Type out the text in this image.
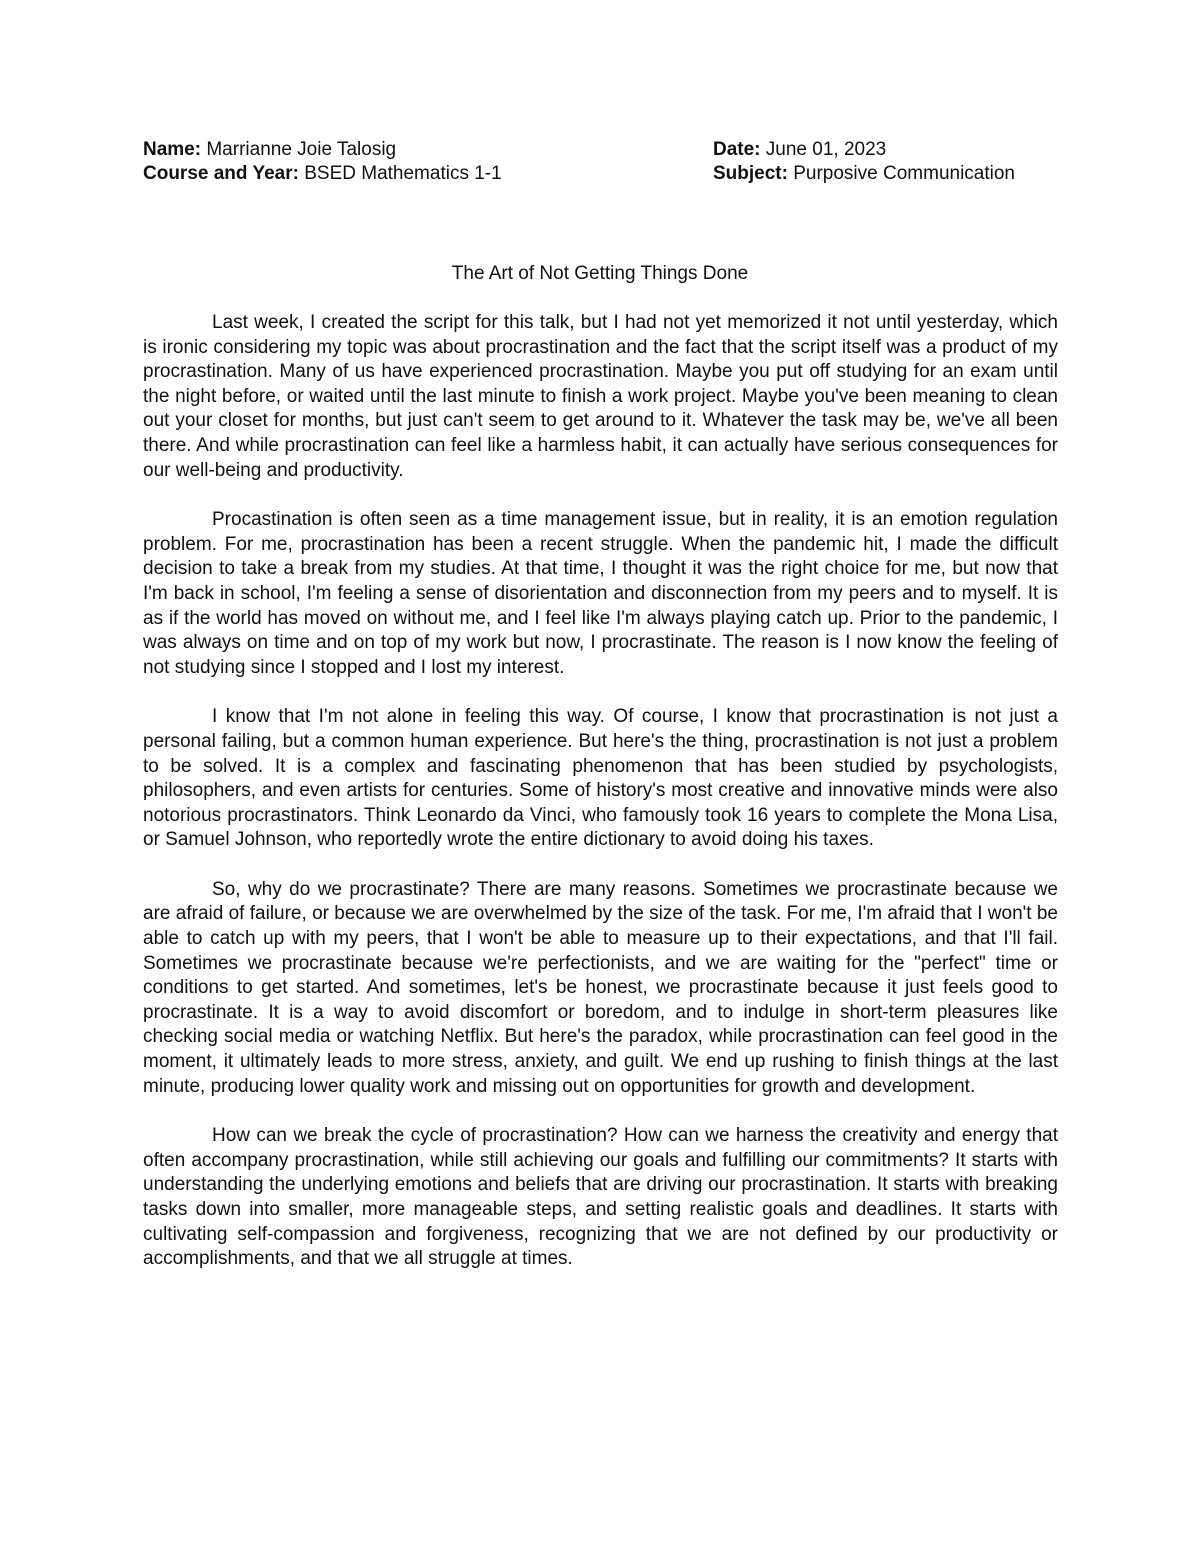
Name: Marrianne Joie Talosig	Date: June 01, 2023
Course and Year: BSED Mathematics 1-1	Subject: Purposive Communication
The Art of Not Getting Things Done

Last week, I created the script for this talk, but I had not yet memorized it not until yesterday, which is ironic considering my topic was about procrastination and the fact that the script itself was a product of my procrastination. Many of us have experienced procrastination. Maybe you put off studying for an exam until the night before, or waited until the last minute to finish a work project. Maybe you've been meaning to clean out your closet for months, but just can't seem to get around to it. Whatever the task may be, we've all been there. And while procrastination can feel like a harmless habit, it can actually have serious consequences for our well-being and productivity.

Procastination is often seen as a time management issue, but in reality, it is an emotion regulation problem. For me, procrastination has been a recent struggle. When the pandemic hit, I made the difficult decision to take a break from my studies. At that time, I thought it was the right choice for me, but now that I'm back in school, I'm feeling a sense of disorientation and disconnection from my peers and to myself. It is as if the world has moved on without me, and I feel like I'm always playing catch up. Prior to the pandemic, I was always on time and on top of my work but now, I procrastinate. The reason is I now know the feeling of not studying since I stopped and I lost my interest.

I know that I'm not alone in feeling this way. Of course, I know that procrastination is not just a personal failing, but a common human experience. But here's the thing, procrastination is not just a problem to be solved. It is a complex and fascinating phenomenon that has been studied by psychologists, philosophers, and even artists for centuries. Some of history's most creative and innovative minds were also notorious procrastinators. Think Leonardo da Vinci, who famously took 16 years to complete the Mona Lisa, or Samuel Johnson, who reportedly wrote the entire dictionary to avoid doing his taxes.

So, why do we procrastinate? There are many reasons. Sometimes we procrastinate because we are afraid of failure, or because we are overwhelmed by the size of the task. For me, I'm afraid that I won't be able to catch up with my peers, that I won't be able to measure up to their expectations, and that I'll fail. Sometimes we procrastinate because we're perfectionists, and we are waiting for the "perfect" time or conditions to get started. And sometimes, let's be honest, we procrastinate because it just feels good to procrastinate. It is a way to avoid discomfort or boredom, and to indulge in short-term pleasures like checking social media or watching Netflix. But here's the paradox, while procrastination can feel good in the moment, it ultimately leads to more stress, anxiety, and guilt. We end up rushing to finish things at the last minute, producing lower quality work and missing out on opportunities for growth and development.

How can we break the cycle of procrastination? How can we harness the creativity and energy that often accompany procrastination, while still achieving our goals and fulfilling our commitments? It starts with understanding the underlying emotions and beliefs that are driving our procrastination. It starts with breaking tasks down into smaller, more manageable steps, and setting realistic goals and deadlines. It starts with cultivating self-compassion and forgiveness, recognizing that we are not defined by our productivity or accomplishments, and that we all struggle at times.
